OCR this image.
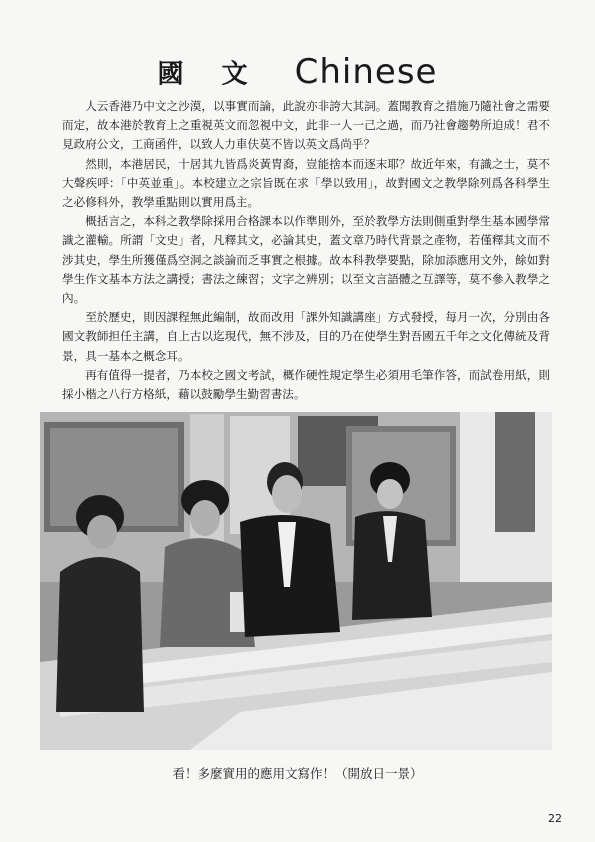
國文 Chinese

人云香港乃中文之沙漠，以事實而論，此說亦非誇大其詞。蓋聞教育之措施乃隨社會之需要而定，故本港於教育上之重視英文而忽視中文，此非一人一己之過，而乃社會趨勢所迫成！君不見政府公文，工商函件，以致人力車伕莫不皆以英文爲尚乎？

然則，本港居民，十居其九皆爲炎黃胄裔，豈能捨本而逐末耶？故近年來，有識之士，莫不大聲疾呼：「中英並重」。本校建立之宗旨既在求「學以致用」，故對國文之教學除列爲各科學生之必修科外，教學重點則以實用爲主。

概括言之，本科之教學除採用合格課本以作準則外，至於教學方法則側重對學生基本國學常識之灌輸。所謂「文史」者，凡釋其文，必論其史，蓋文章乃時代背景之產物，若僅釋其文而不涉其史，學生所獲僅爲空洞之談論而乏事實之根據。故本科教學要點，除加添應用文外，餘如對學生作文基本方法之講授；書法之練習；文字之辨別；以至文言語體之互譯等，莫不參入教學之內。

至於歷史，則因課程無此編制，故而改用「課外知識講座」方式發授，每月一次，分別由各國文教師担任主講，自上古以迄現代，無不涉及，目的乃在使學生對吾國五千年之文化傳統及背景，具一基本之概念耳。

再有值得一提者，乃本校之國文考試，概作硬性規定學生必須用毛筆作答，而試卷用紙，則採小楷之八行方格紙，藉以鼓勵學生勤習書法。

看！多麼實用的應用文寫作！（開放日一景）
22
